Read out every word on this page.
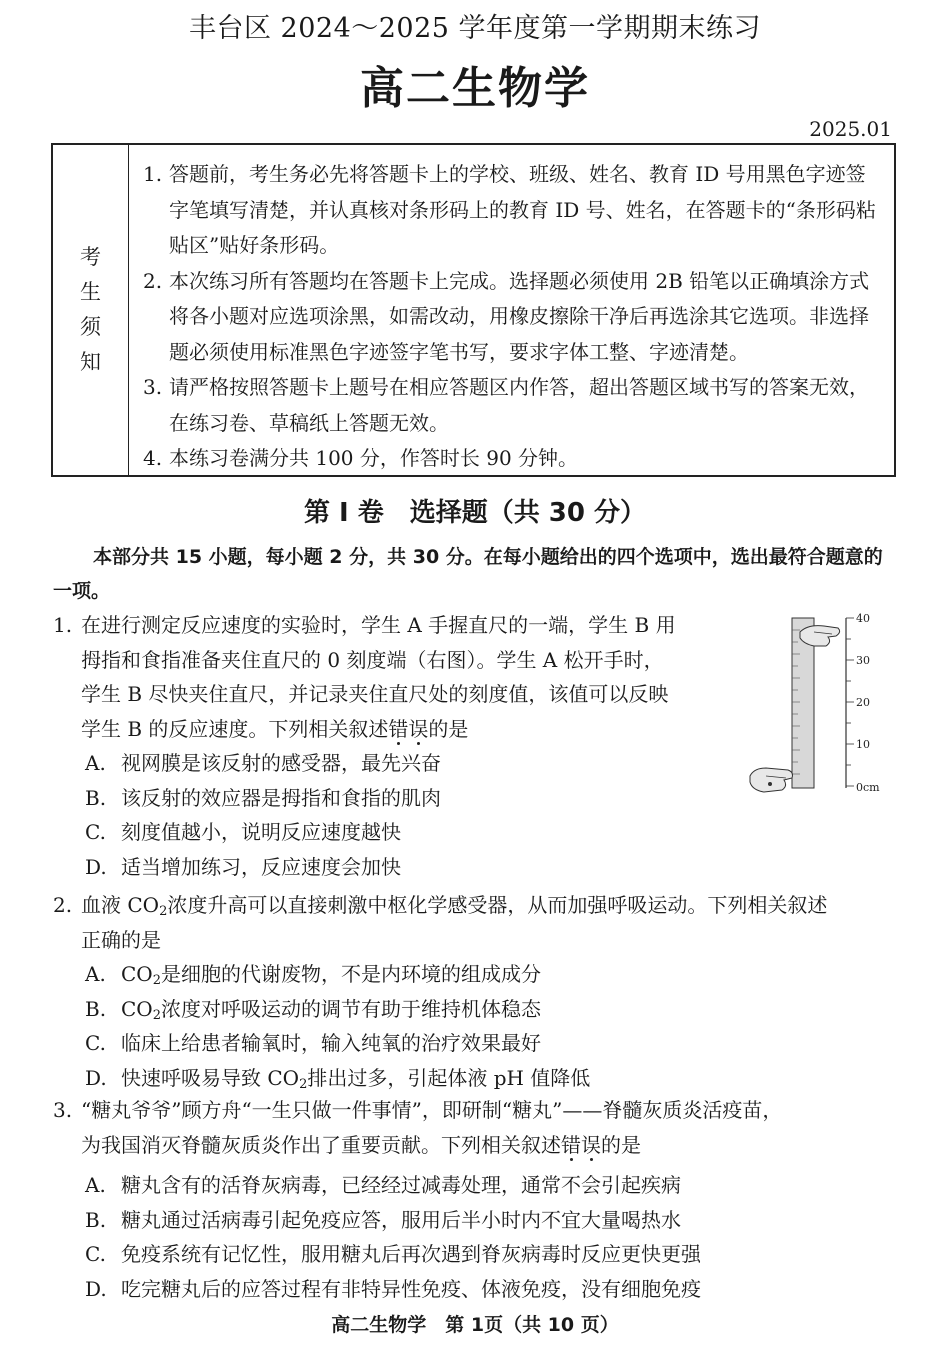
丰台区 2024～2025 学年度第一学期期末练习
高二生物学
2025.01
考
生
须
知
1. 答题前，考生务必先将答题卡上的学校、班级、姓名、教育 ID 号用黑色字迹签字笔填写清楚，并认真核对条形码上的教育 ID 号、姓名，在答题卡的“条形码粘贴区”贴好条形码。
2. 本次练习所有答题均在答题卡上完成。选择题必须使用 2B 铅笔以正确填涂方式将各小题对应选项涂黑，如需改动，用橡皮擦除干净后再选涂其它选项。非选择题必须使用标准黑色字迹签字笔书写，要求字体工整、字迹清楚。
3. 请严格按照答题卡上题号在相应答题区内作答，超出答题区域书写的答案无效，在练习卷、草稿纸上答题无效。
4. 本练习卷满分共 100 分，作答时长 90 分钟。
第 I 卷　选择题（共 30 分）
本部分共 15 小题，每小题 2 分，共 30 分。在每小题给出的四个选项中，选出最符合题意的一项。
1. 在进行测定反应速度的实验时，学生 A 手握直尺的一端，学生 B 用
拇指和食指准备夹住直尺的 0 刻度端（右图）。学生 A 松开手时，
学生 B 尽快夹住直尺，并记录夹住直尺处的刻度值，该值可以反映
学生 B 的反应速度。下列相关叙述错误的是
A. 视网膜是该反射的感受器，最先兴奋
B. 该反射的效应器是拇指和食指的肌肉
C. 刻度值越小，说明反应速度越快
D. 适当增加练习，反应速度会加快
40
30
20
10
0cm
2. 血液 $CO_2$浓度升高可以直接刺激中枢化学感受器，从而加强呼吸运动。下列相关叙述
正确的是
A. $CO_2$是细胞的代谢废物，不是内环境的组成成分
B. $CO_2$浓度对呼吸运动的调节有助于维持机体稳态
C. 临床上给患者输氧时，输入纯氧的治疗效果最好
D. 快速呼吸易导致 $CO_2$排出过多，引起体液 pH 值降低
3. “糖丸爷爷”顾方舟“一生只做一件事情”，即研制“糖丸”——脊髓灰质炎活疫苗，
为我国消灭脊髓灰质炎作出了重要贡献。下列相关叙述错误的是
A. 糖丸含有的活脊灰病毒，已经经过减毒处理，通常不会引起疾病
B. 糖丸通过活病毒引起免疫应答，服用后半小时内不宜大量喝热水
C. 免疫系统有记忆性，服用糖丸后再次遇到脊灰病毒时反应更快更强
D. 吃完糖丸后的应答过程有非特异性免疫、体液免疫，没有细胞免疫
高二生物学　第 1页（共 10 页）
